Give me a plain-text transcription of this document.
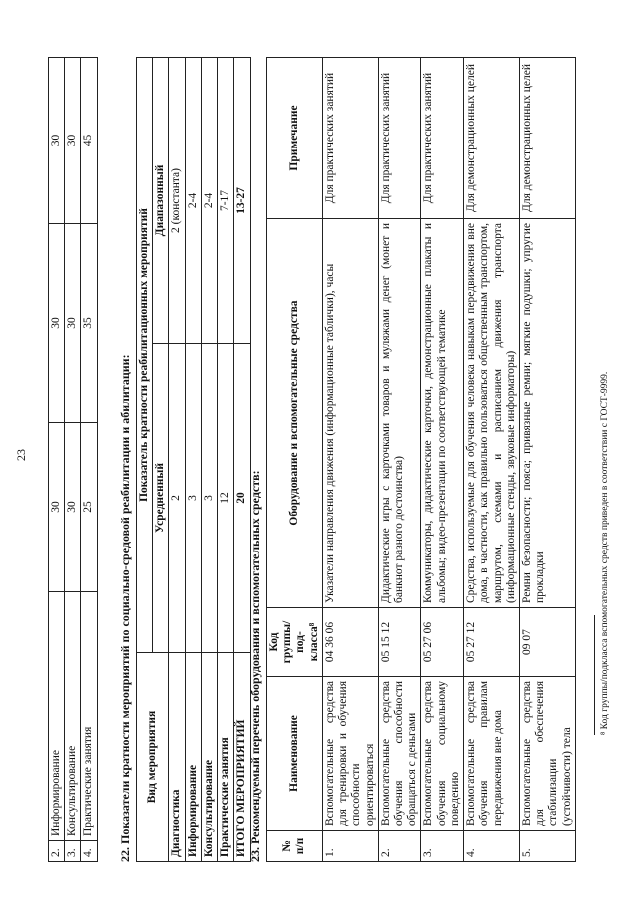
23
2.	Информирование	30	30	30
3.	Консультирование	30	30	30
4.	Практические занятия	25	35	45
22. Показатели кратности мероприятий по социально-средовой реабилитации и абилитации: Вид мероприятия	Показатель кратности реабилитационных мероприятий	
	Усредненный	Диапазонный
Диагностика	2	2 (константа)
Информирование	3	2-4
Консультирование	3	2-4
Практические занятия	12	7-17
ИТОГО МЕРОПРИЯТИЙ	20	13-27
23. Рекомендуемый перечень оборудования и вспомогательных средств: № п/п	Наименование	Код группы/под-класса⁸	Оборудование и вспомогательные средства	Примечание
1.	Вспомогательные средства для тренировки и обучения способности ориентироваться	04 36 06	Указатели направления движения (информационные таблички), часы	Для практических занятий
2.	Вспомогательные средства обучения способности обращаться с деньгами	05 15 12	Дидактические игры с карточками товаров и муляжами денег (монет и банкнот разного достоинства)	Для практических занятий
3.	Вспомогательные средства обучения социальному поведению	05 27 06	Коммуникаторы, дидактические карточки, демонстрационные плакаты и альбомы; видео-презентации по соответствующей тематике	Для практических занятий
4.	Вспомогательные средства обучения правилам передвижения вне дома	05 27 12	Средства, используемые для обучения человека навыкам передвижения вне дома, в частности, как правильно пользоваться общественным транспортом, маршрутом, схемами и расписанием движения транспорта (информационные стенды, звуковые информаторы)	Для демонстрационных целей
5.	Вспомогательные средства для обеспечения стабилизации (устойчивости) тела	09 07	Ремни безопасности; пояса; привязные ремни; мягкие подушки; упругие прокладки	Для демонстрационных целей
⁸ Код группы/подкласса вспомогательных средств приведен в соответствии с ГОСТ-9999.
